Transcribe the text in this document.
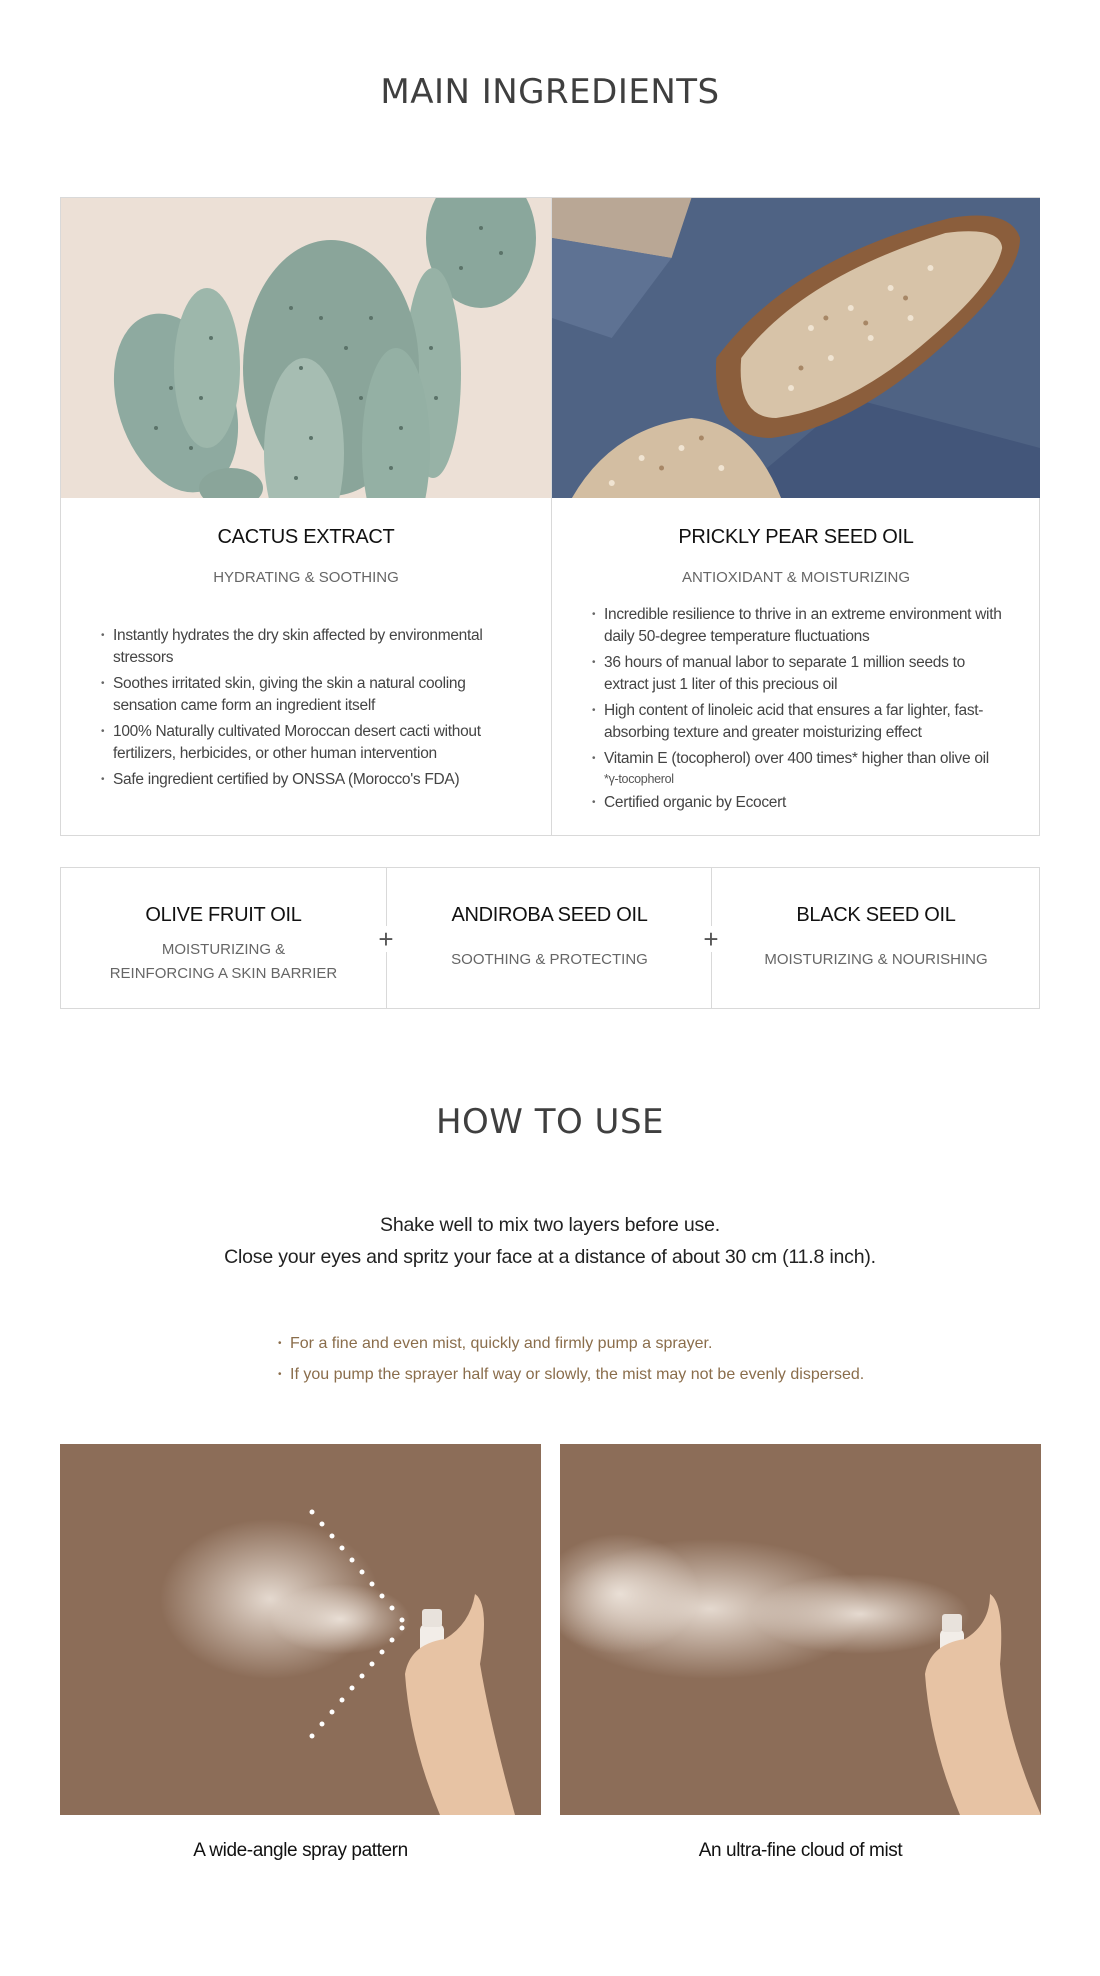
MAIN INGREDIENTS
CACTUS EXTRACT
HYDRATING & SOOTHING
• Instantly hydrates the dry skin affected by environmental stressors
• Soothes irritated skin, giving the skin a natural cooling sensation came form an ingredient itself
• 100% Naturally cultivated Moroccan desert cacti without fertilizers, herbicides, or other human intervention
• Safe ingredient certified by ONSSA (Morocco's FDA)
PRICKLY PEAR SEED OIL
ANTIOXIDANT & MOISTURIZING
• Incredible resilience to thrive in an extreme environment with daily 50-degree temperature fluctuations
• 36 hours of manual labor to separate 1 million seeds to extract just 1 liter of this precious oil
• High content of linoleic acid that ensures a far lighter, fast-absorbing texture and greater moisturizing effect
• Vitamin E (tocopherol) over 400 times* higher than olive oil
*γ-tocopherol
• Certified organic by Ecocert
OLIVE FRUIT OIL
MOISTURIZING &
REINFORCING A SKIN BARRIER
ANDIROBA SEED OIL
SOOTHING & PROTECTING
BLACK SEED OIL
MOISTURIZING & NOURISHING
+	+
HOW TO USE
Shake well to mix two layers before use.
Close your eyes and spritz your face at a distance of about 30 cm (11.8 inch).
• For a fine and even mist, quickly and firmly pump a sprayer.
• If you pump the sprayer half way or slowly, the mist may not be evenly dispersed.
A wide-angle spray pattern	An ultra-fine cloud of mist
